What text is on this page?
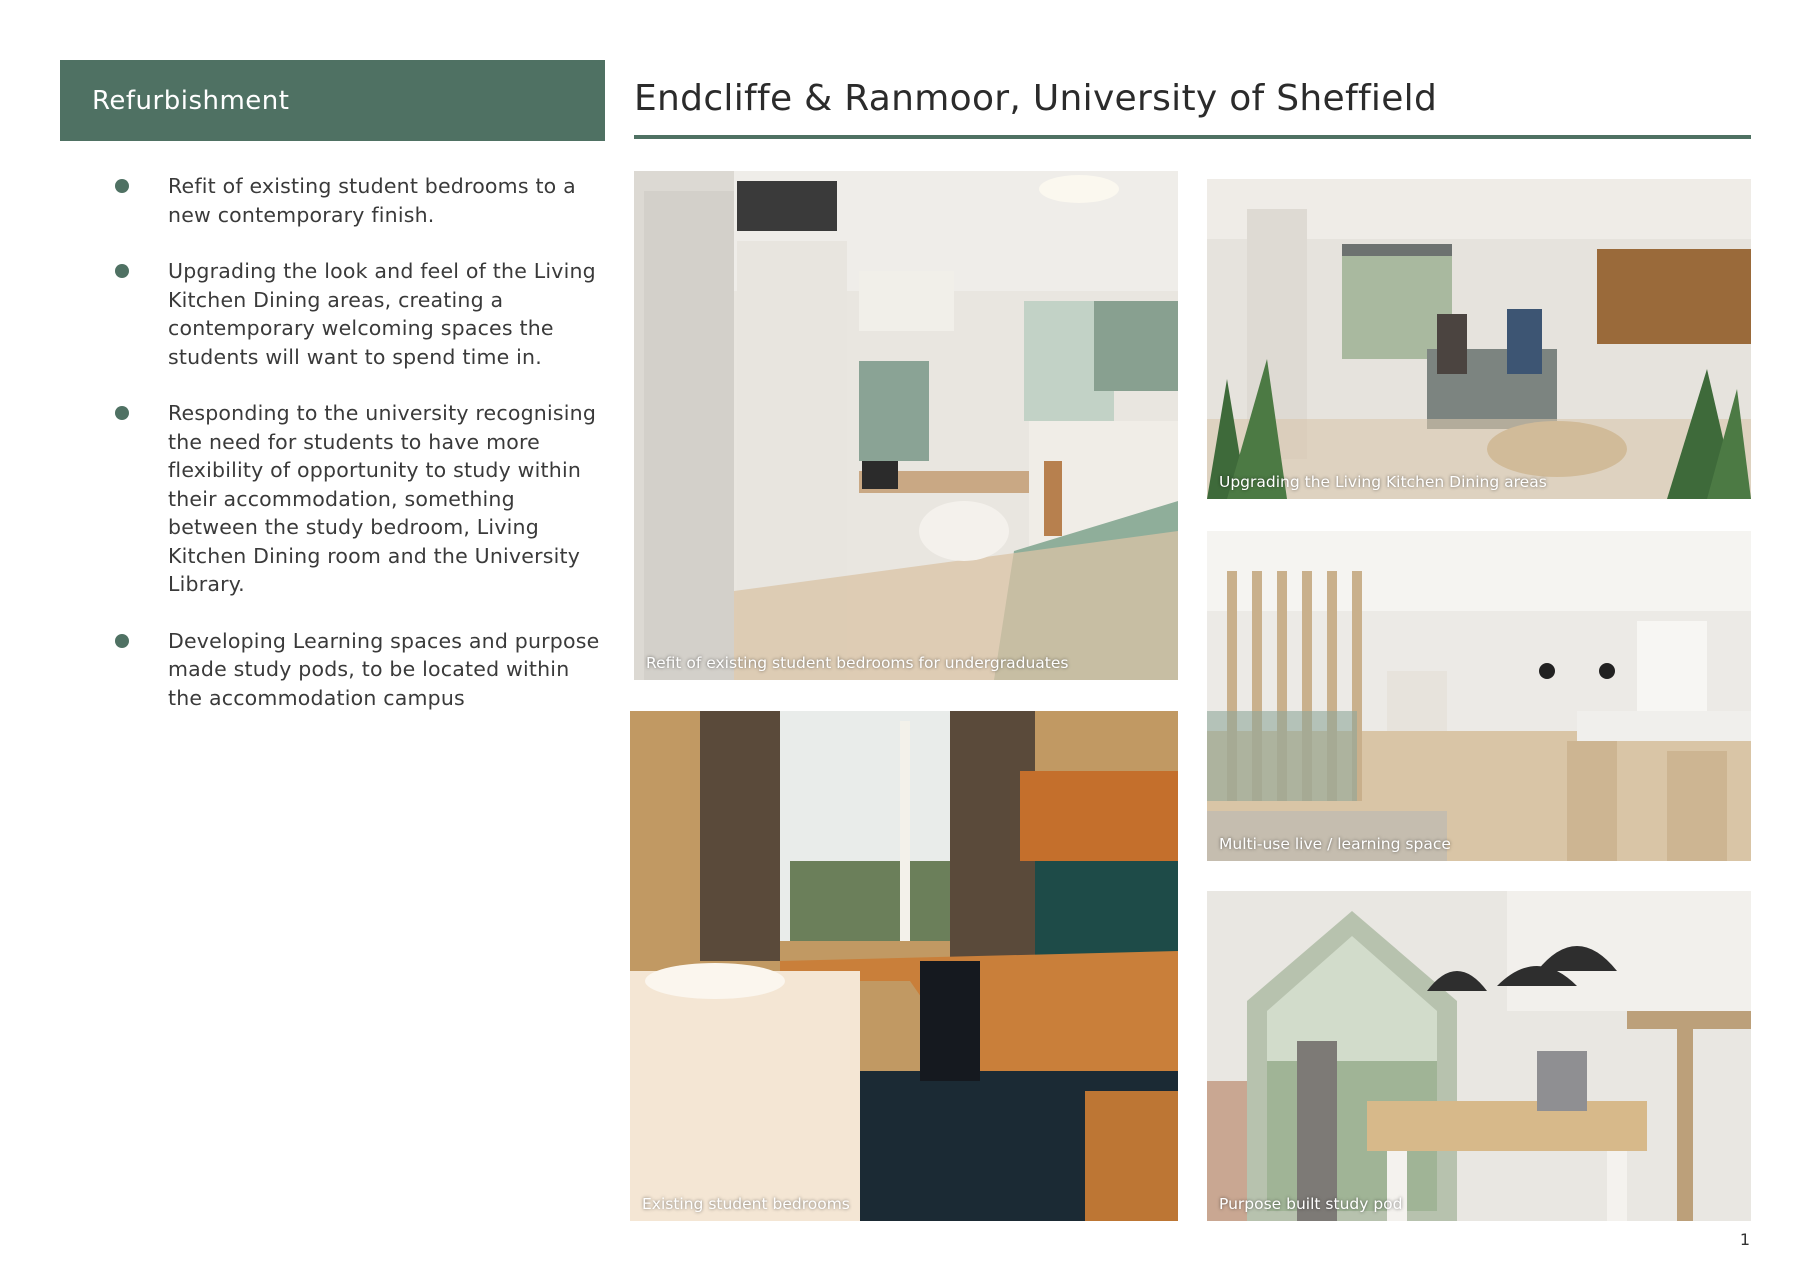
Refurbishment	Endcliffe & Ranmoor, University of Sheffield
Refit of existing student bedrooms to a new contemporary finish.
Upgrading the look and feel of the Living Kitchen Dining areas, creating a contemporary welcoming spaces the students will want to spend time in.
Responding to the university recognising the need for students to have more flexibility of opportunity to study within their accommodation, something between the study bedroom, Living Kitchen Dining room and the University Library.
Developing Learning spaces and purpose made study pods, to be located within the accommodation campus
Refit of existing student bedrooms for undergraduates
Existing student bedrooms
Upgrading the Living Kitchen Dining areas
Multi-use live / learning space
Purpose built study pod
1
